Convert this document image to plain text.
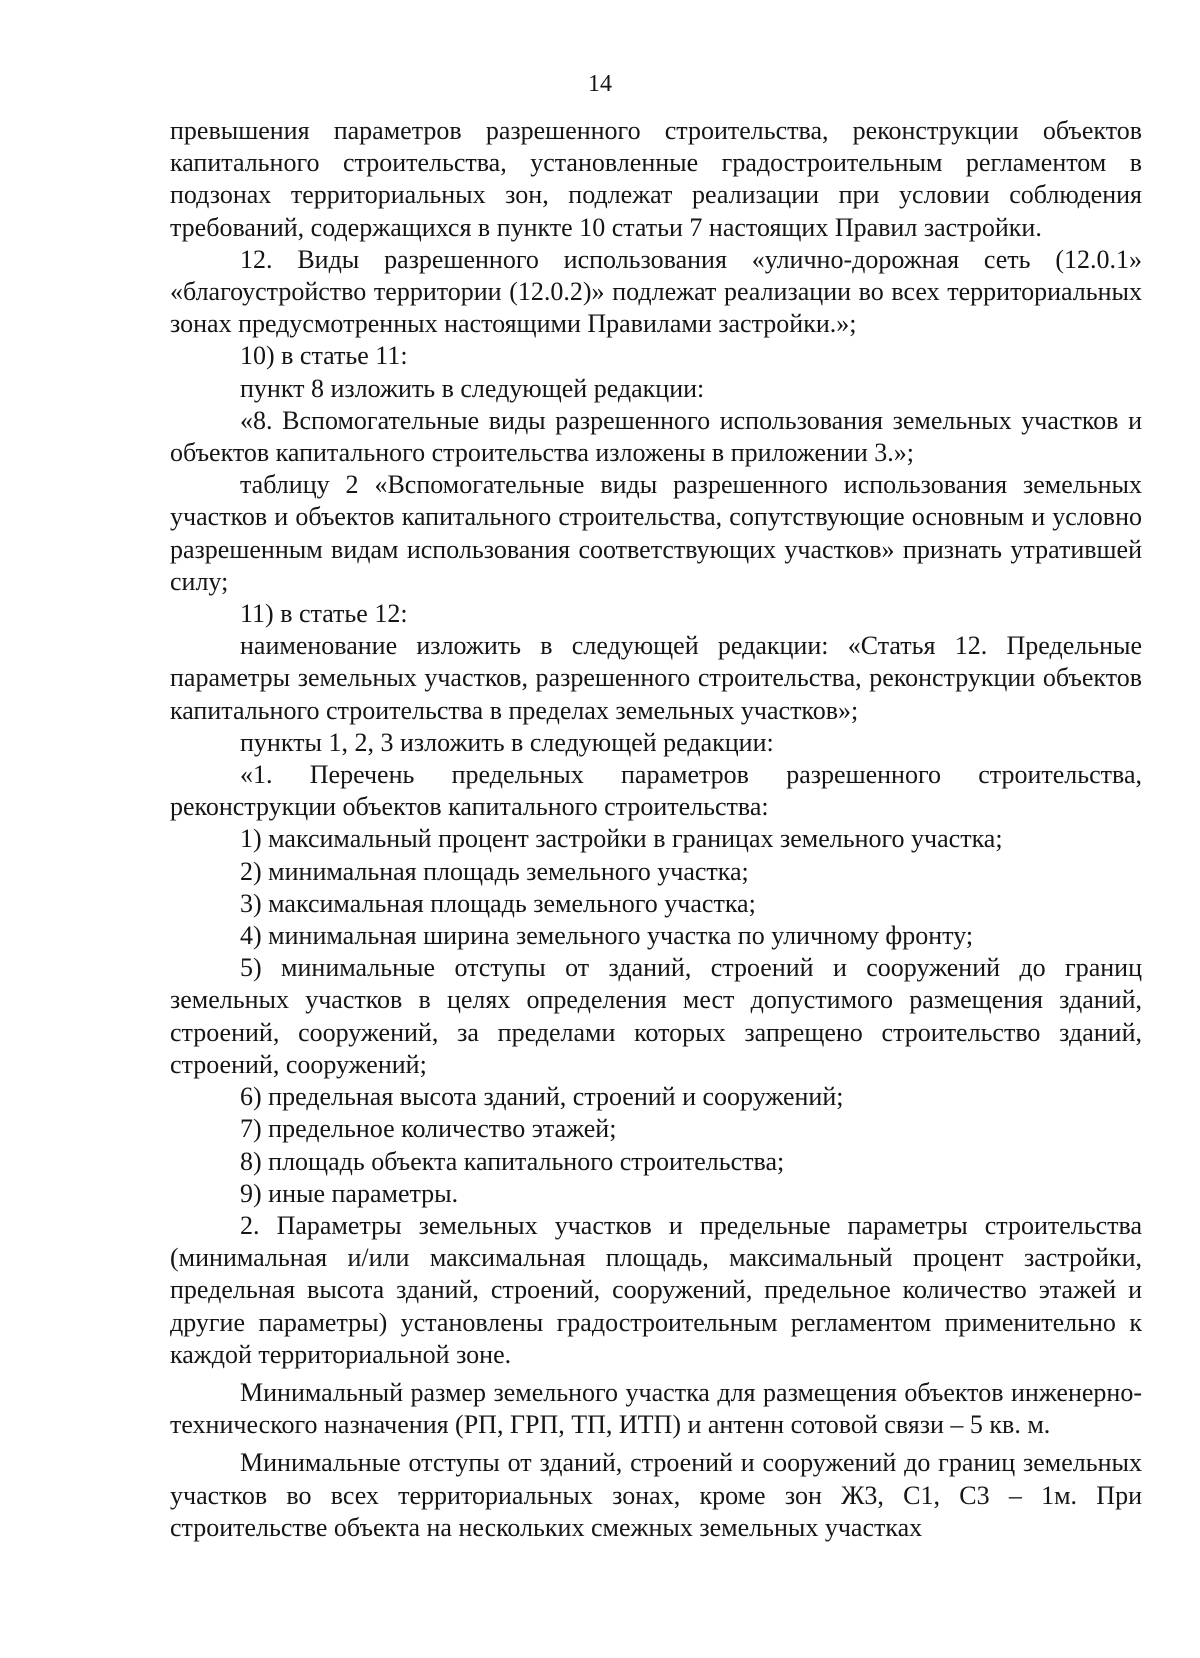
14

превышения параметров разрешенного строительства, реконструкции объектов капитального строительства, установленные градостроительным регламентом в подзонах территориальных зон, подлежат реализации при условии соблюдения требований, содержащихся в пункте 10 статьи 7 настоящих Правил застройки.

12. Виды разрешенного использования «улично-дорожная сеть (12.0.1» «благоустройство территории (12.0.2)» подлежат реализации во всех территориальных зонах предусмотренных настоящими Правилами застройки.»;

10) в статье 11:

пункт 8 изложить в следующей редакции:

«8. Вспомогательные виды разрешенного использования земельных участков и объектов капитального строительства изложены в приложении 3.»;

таблицу 2 «Вспомогательные виды разрешенного использования земельных участков и объектов капитального строительства, сопутствующие основным и условно разрешенным видам использования соответствующих участков» признать утратившей силу;

11) в статье 12:

наименование изложить в следующей редакции: «Статья 12. Предельные параметры земельных участков, разрешенного строительства, реконструкции объектов капитального строительства в пределах земельных участков»;

пункты 1, 2, 3 изложить в следующей редакции:

«1. Перечень предельных параметров разрешенного строительства, реконструкции объектов капитального строительства:

1) максимальный процент застройки в границах земельного участка;

2) минимальная площадь земельного участка;

3) максимальная площадь земельного участка;

4) минимальная ширина земельного участка по уличному фронту;

5) минимальные отступы от зданий, строений и сооружений до границ земельных участков в целях определения мест допустимого размещения зданий, строений, сооружений, за пределами которых запрещено строительство зданий, строений, сооружений;

6) предельная высота зданий, строений и сооружений;

7) предельное количество этажей;

8) площадь объекта капитального строительства;

9) иные параметры.

2. Параметры земельных участков и предельные параметры строительства (минимальная и/или максимальная площадь, максимальный процент застройки, предельная высота зданий, строений, сооружений, предельное количество этажей и другие параметры) установлены градостроительным регламентом применительно к каждой территориальной зоне.

Минимальный размер земельного участка для размещения объектов инженерно-технического назначения (РП, ГРП, ТП, ИТП) и антенн сотовой связи – 5 кв. м.

Минимальные отступы от зданий, строений и сооружений до границ земельных участков во всех территориальных зонах, кроме зон Ж3, С1, С3 – 1м. При строительстве объекта на нескольких смежных земельных участках
